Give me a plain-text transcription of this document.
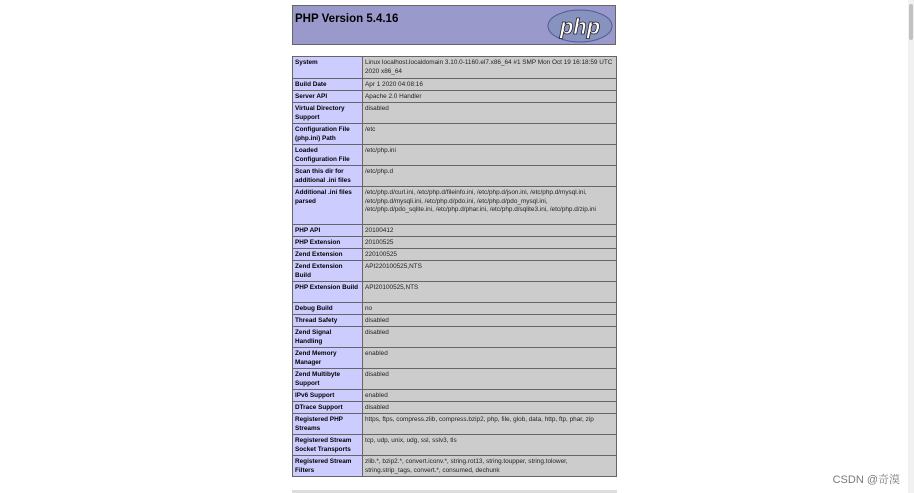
PHP Version 5.4.16	php
System	Linux localhost.localdomain 3.10.0-1160.el7.x86_64 #1 SMP Mon Oct 19 16:18:59 UTC 2020 x86_64
Build Date	Apr 1 2020 04:08:16
Server API	Apache 2.0 Handler
Virtual Directory Support	disabled
Configuration File (php.ini) Path	/etc
Loaded Configuration File	/etc/php.ini
Scan this dir for additional .ini files	/etc/php.d
Additional .ini files parsed	/etc/php.d/curl.ini, /etc/php.d/fileinfo.ini, /etc/php.d/json.ini, /etc/php.d/mysql.ini, /etc/php.d/mysqli.ini, /etc/php.d/pdo.ini, /etc/php.d/pdo_mysql.ini, /etc/php.d/pdo_sqlite.ini, /etc/php.d/phar.ini, /etc/php.d/sqlite3.ini, /etc/php.d/zip.ini
PHP API	20100412
PHP Extension	20100525
Zend Extension	220100525
Zend Extension Build	API220100525,NTS
PHP Extension Build	API20100525,NTS
Debug Build	no
Thread Safety	disabled
Zend Signal Handling	disabled
Zend Memory Manager	enabled
Zend Multibyte Support	disabled
IPv6 Support	enabled
DTrace Support	disabled
Registered PHP Streams	https, ftps, compress.zlib, compress.bzip2, php, file, glob, data, http, ftp, phar, zip
Registered Stream Socket Transports	tcp, udp, unix, udg, ssl, sslv3, tls
Registered Stream Filters	zlib.*, bzip2.*, convert.iconv.*, string.rot13, string.toupper, string.tolower, string.strip_tags, convert.*, consumed, dechunk
CSDN @奇漠
